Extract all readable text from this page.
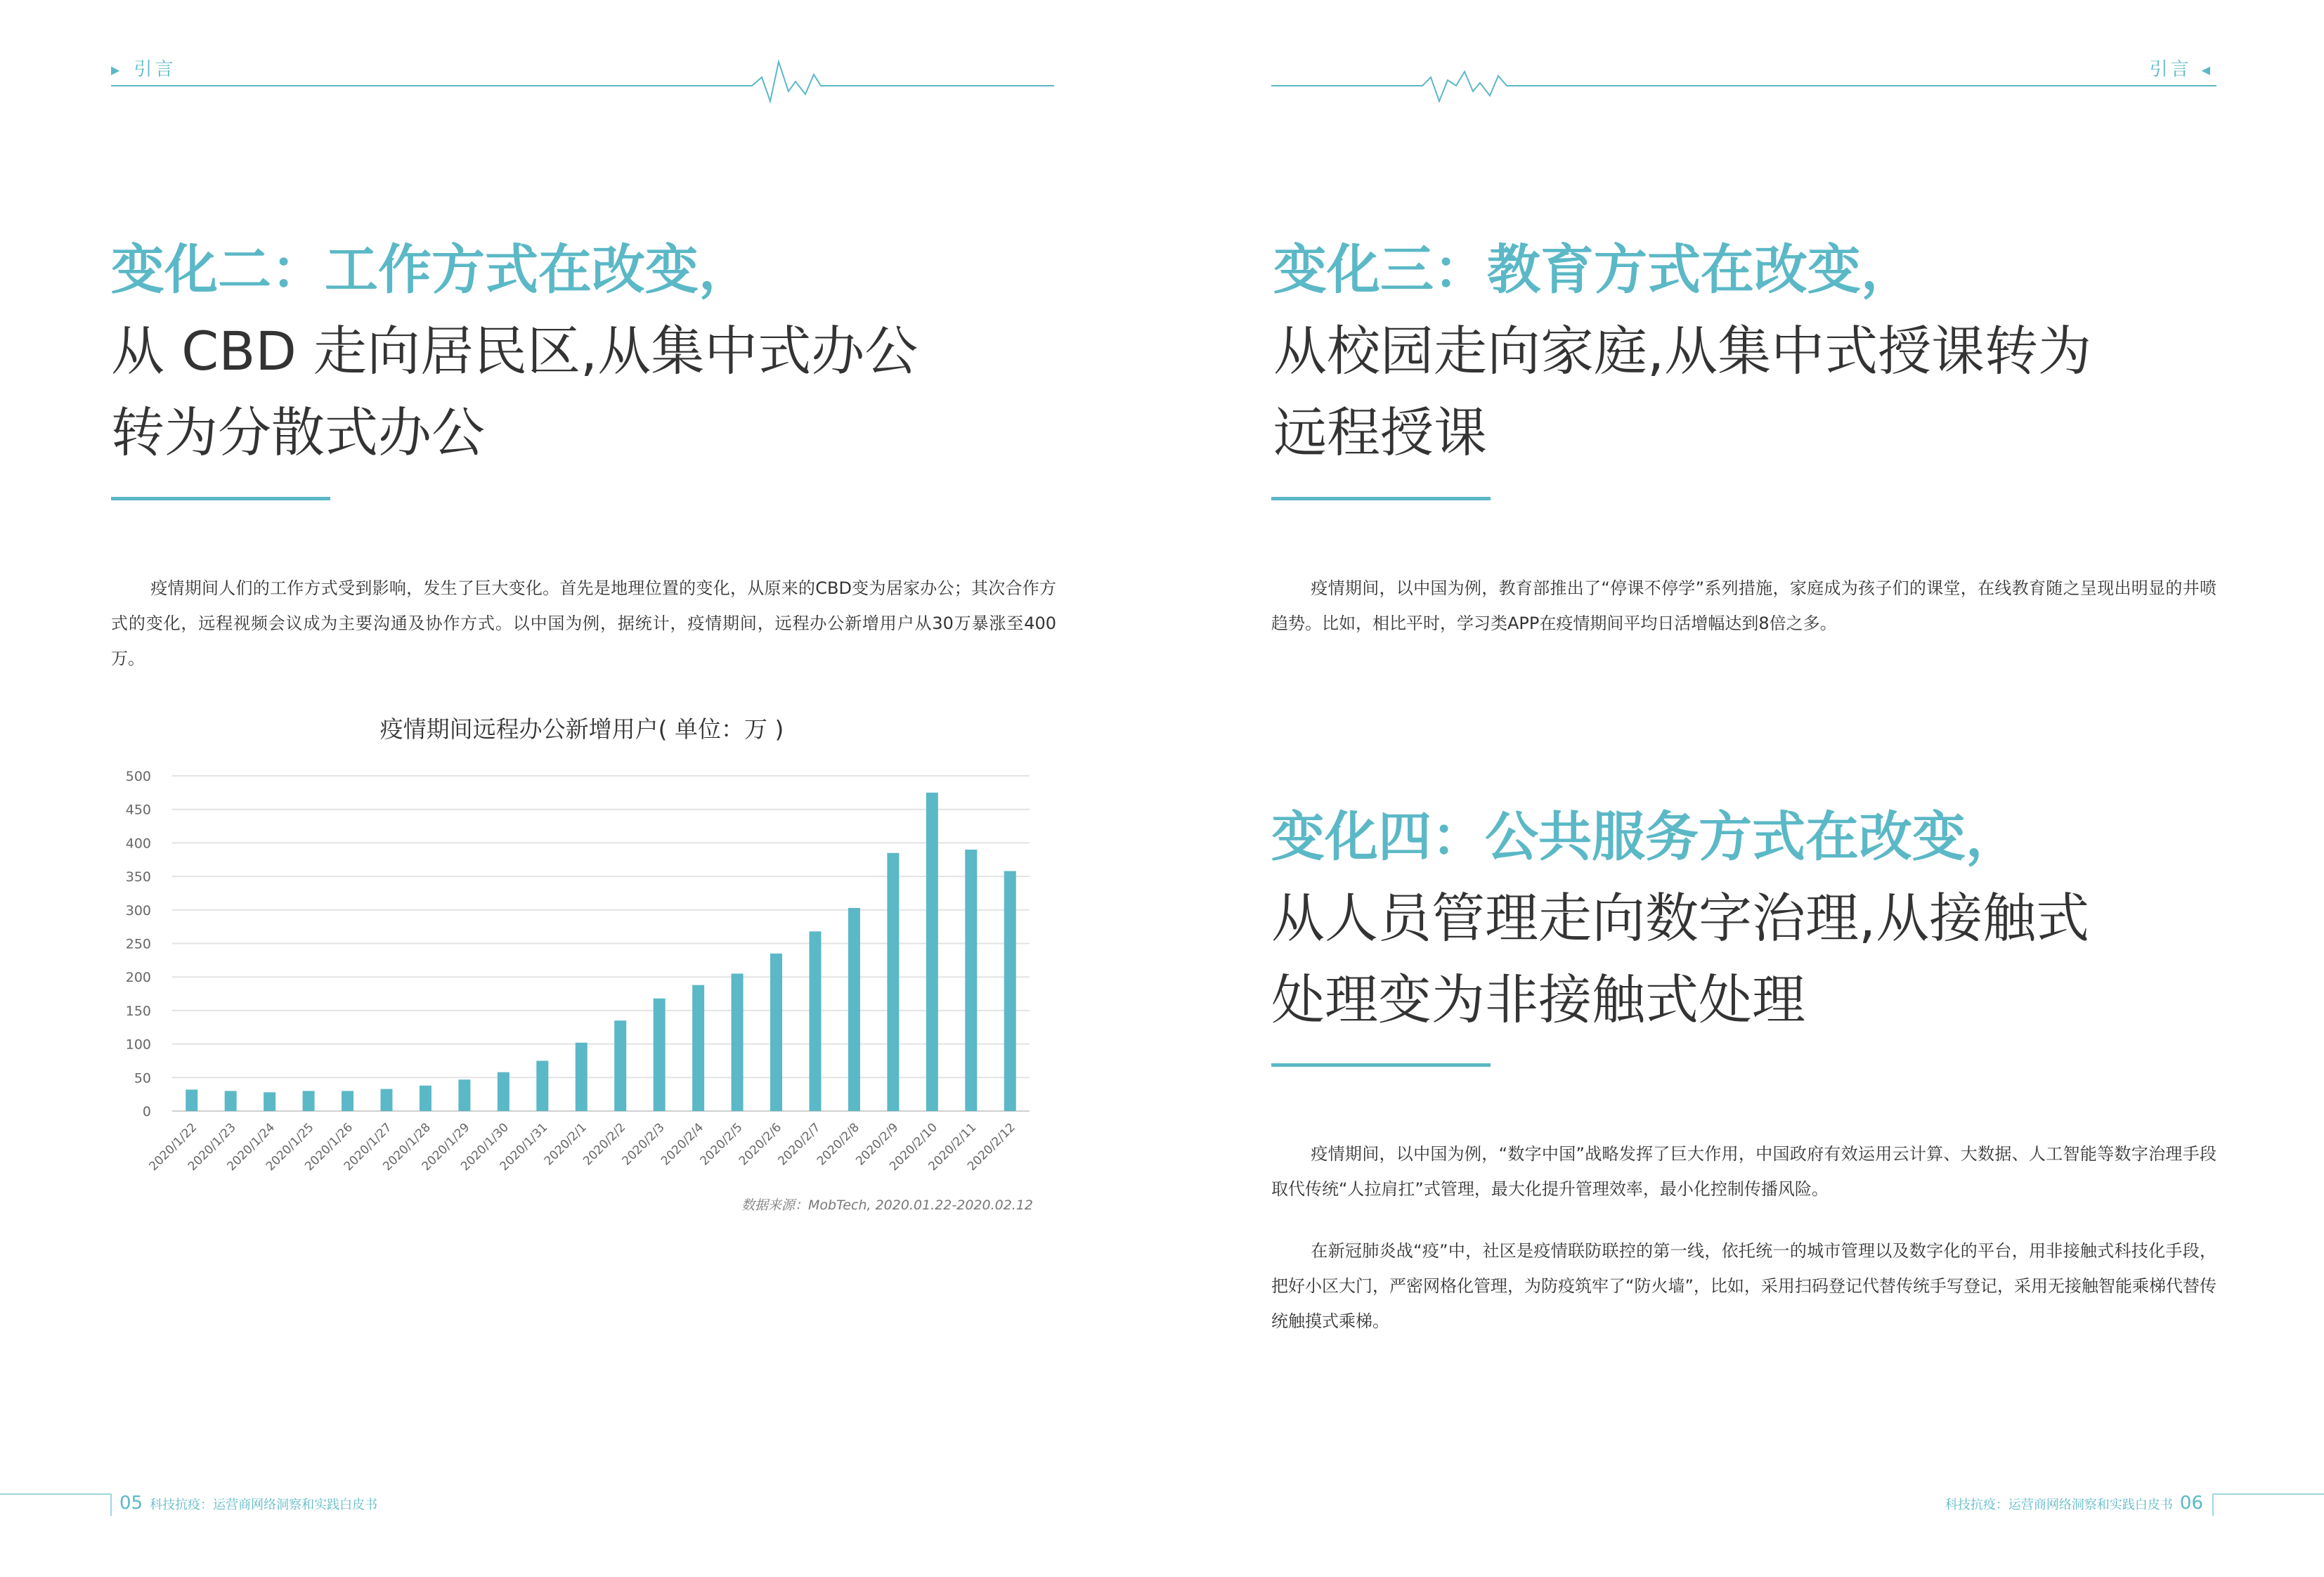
▶ 引言
变化二：工作方式在改变，
从 CBD 走向居民区,从集中式办公
转为分散式办公
疫情期间人们的工作方式受到影响，发生了巨大变化。首先是地理位置的变化，从原来的CBD变为居家办公；其次合作方式的变化，远程视频会议成为主要沟通及协作方式。以中国为例，据统计，疫情期间，远程办公新增用户从30万暴涨至400万。
疫情期间远程办公新增用户( 单位：万 )
0
50
100
150
200
250
300
350
400
450
500
2020/1/22
2020/1/23
2020/1/24
2020/1/25
2020/1/26
2020/1/27
2020/1/28
2020/1/29
2020/1/30
2020/1/31
2020/2/1
2020/2/2
2020/2/3
2020/2/4
2020/2/5
2020/2/6
2020/2/7
2020/2/8
2020/2/9
2020/2/10
2020/2/11
2020/2/12
数据来源：MobTech, 2020.01.22-2020.02.12
05 科技抗疫：运营商网络洞察和实践白皮书
引言 ◀
变化三：教育方式在改变，
从校园走向家庭,从集中式授课转为
远程授课
疫情期间，以中国为例，教育部推出了“停课不停学”系列措施，家庭成为孩子们的课堂，在线教育随之呈现出明显的井喷趋势。比如，相比平时，学习类APP在疫情期间平均日活增幅达到8倍之多。
变化四：公共服务方式在改变，
从人员管理走向数字治理,从接触式
处理变为非接触式处理
疫情期间，以中国为例，“数字中国”战略发挥了巨大作用，中国政府有效运用云计算、大数据、人工智能等数字治理手段取代传统“人拉肩扛”式管理，最大化提升管理效率，最小化控制传播风险。
在新冠肺炎战“疫”中，社区是疫情联防联控的第一线，依托统一的城市管理以及数字化的平台，用非接触式科技化手段，把好小区大门，严密网格化管理，为防疫筑牢了“防火墙”，比如，采用扫码登记代替传统手写登记，采用无接触智能乘梯代替传统触摸式乘梯。
科技抗疫：运营商网络洞察和实践白皮书 06
